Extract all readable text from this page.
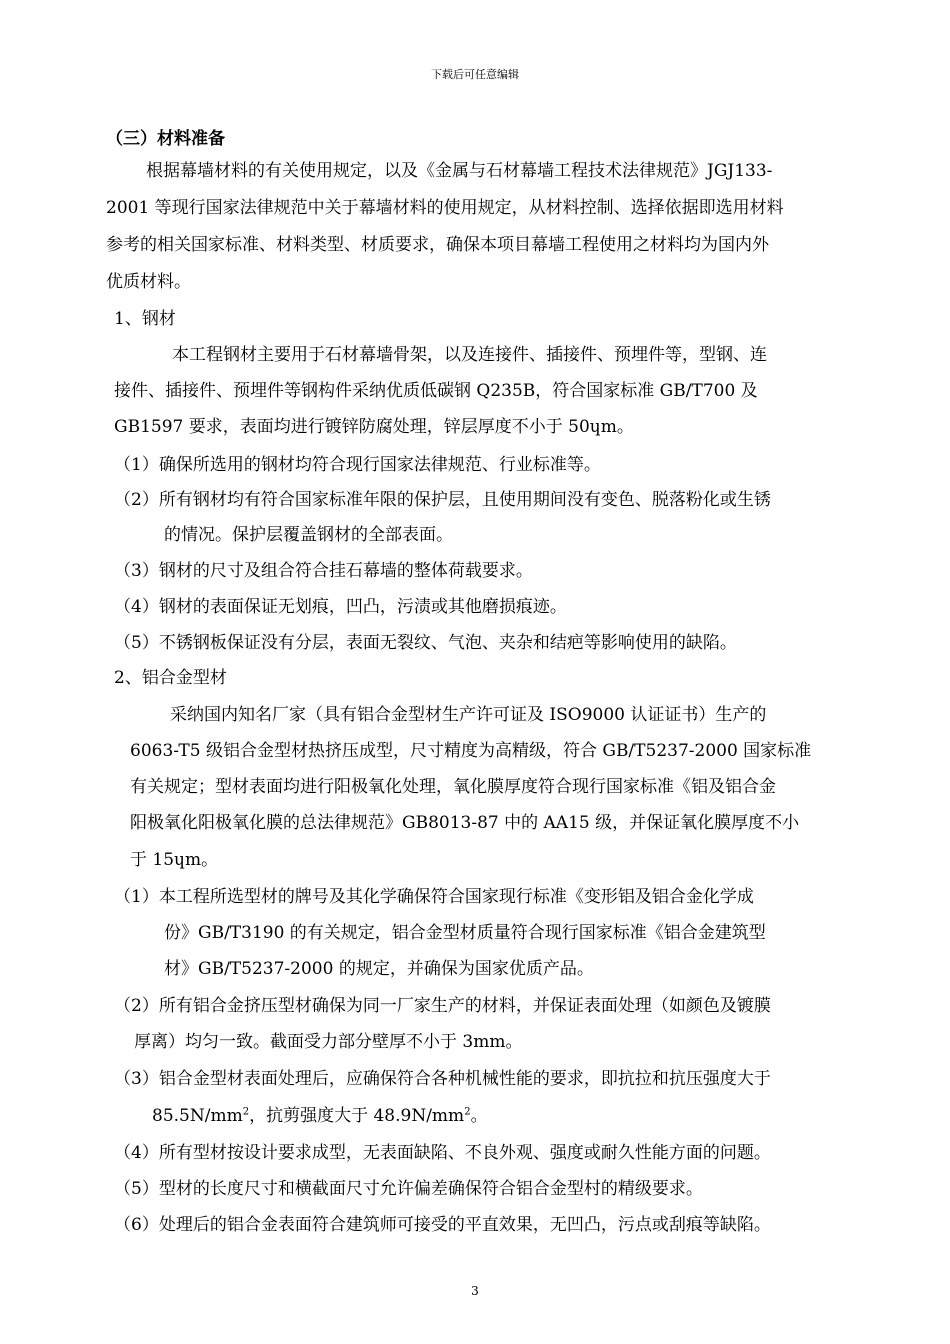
下载后可任意编辑
（三）材料准备
根据幕墙材料的有关使用规定，以及《金属与石材幕墙工程技术法律规范》JGJ133-
2001 等现行国家法律规范中关于幕墙材料的使用规定，从材料控制、选择依据即选用材料
参考的相关国家标准、材料类型、材质要求，确保本项目幕墙工程使用之材料均为国内外
优质材料。
1、钢材
本工程钢材主要用于石材幕墙骨架，以及连接件、插接件、预埋件等，型钢、连
接件、插接件、预埋件等钢构件采纳优质低碳钢 Q235B，符合国家标准 GB/T700 及
GB1597 要求，表面均进行镀锌防腐处理，锌层厚度不小于 50ɥm。
（1）确保所选用的钢材均符合现行国家法律规范、行业标准等。
（2）所有钢材均有符合国家标准年限的保护层，且使用期间没有变色、脱落粉化或生锈
的情况。保护层覆盖钢材的全部表面。
（3）钢材的尺寸及组合符合挂石幕墙的整体荷载要求。
（4）钢材的表面保证无划痕，凹凸，污渍或其他磨损痕迹。
（5）不锈钢板保证没有分层，表面无裂纹、气泡、夹杂和结疤等影响使用的缺陷。
2、铝合金型材
采纳国内知名厂家（具有铝合金型材生产许可证及 ISO9000 认证证书）生产的
6063-T5 级铝合金型材热挤压成型，尺寸精度为高精级，符合 GB/T5237-2000 国家标准
有关规定；型材表面均进行阳极氧化处理，氧化膜厚度符合现行国家标准《铝及铝合金
阳极氧化阳极氧化膜的总法律规范》GB8013-87 中的 AA15 级，并保证氧化膜厚度不小
于 15ɥm。
（1）本工程所选型材的牌号及其化学确保符合国家现行标准《变形铝及铝合金化学成
份》GB/T3190 的有关规定，铝合金型材质量符合现行国家标准《铝合金建筑型
材》GB/T5237-2000 的规定，并确保为国家优质产品。
（2）所有铝合金挤压型材确保为同一厂家生产的材料，并保证表面处理（如颜色及镀膜
厚离）均匀一致。截面受力部分壁厚不小于 3mm。
（3）铝合金型材表面处理后，应确保符合各种机械性能的要求，即抗拉和抗压强度大于
$85.5N/mm^2$，抗剪强度大于 $48.9N/mm^2$。
（4）所有型材按设计要求成型，无表面缺陷、不良外观、强度或耐久性能方面的问题。
（5）型材的长度尺寸和横截面尺寸允许偏差确保符合铝合金型村的精级要求。
（6）处理后的铝合金表面符合建筑师可接受的平直效果，无凹凸，污点或刮痕等缺陷。
3
